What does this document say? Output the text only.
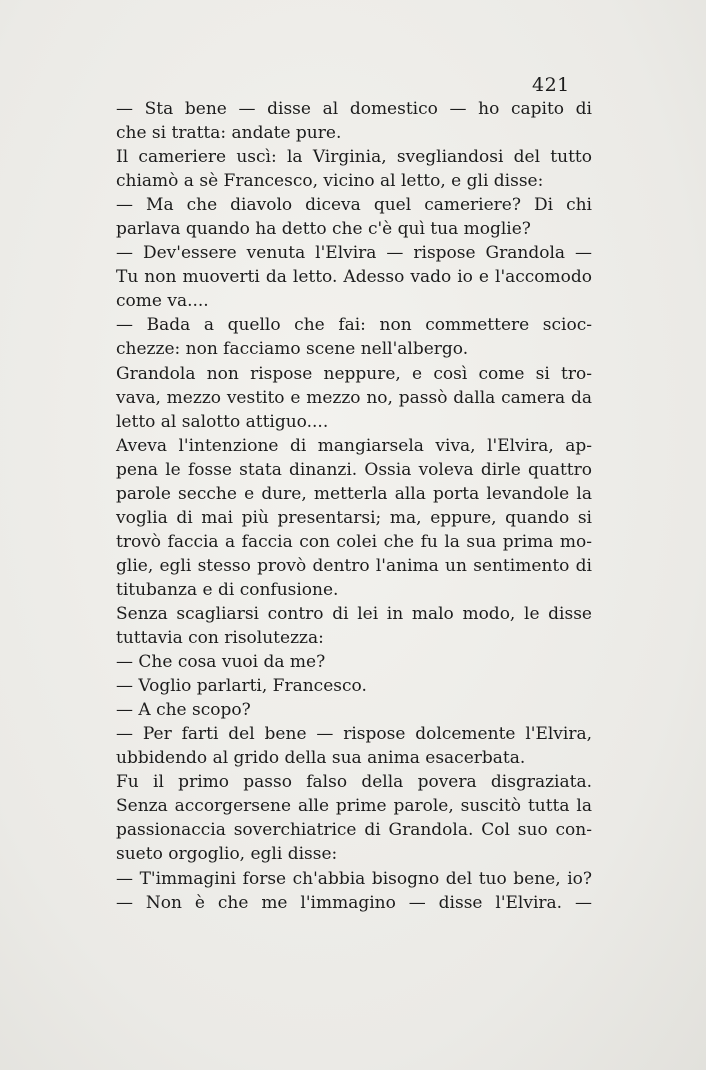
421
— Sta bene — disse al domestico — ho capito di
che si tratta: andate pure.
Il cameriere uscì: la Virginia, svegliandosi del tutto
chiamò a sè Francesco, vicino al letto, e gli disse:
— Ma che diavolo diceva quel cameriere? Di chi
parlava quando ha detto che c'è quì tua moglie?
— Dev'essere venuta l'Elvira — rispose Grandola —
Tu non muoverti da letto. Adesso vado io e l'accomodo
come va....
— Bada a quello che fai: non commettere scioc-
chezze: non facciamo scene nell'albergo.
Grandola non rispose neppure, e così come si tro-
vava, mezzo vestito e mezzo no, passò dalla camera da
letto al salotto attiguo....
Aveva l'intenzione di mangiarsela viva, l'Elvira, ap-
pena le fosse stata dinanzi. Ossia voleva dirle quattro
parole secche e dure, metterla alla porta levandole la
voglia di mai più presentarsi; ma, eppure, quando si
trovò faccia a faccia con colei che fu la sua prima mo-
glie, egli stesso provò dentro l'anima un sentimento di
titubanza e di confusione.
Senza scagliarsi contro di lei in malo modo, le disse
tuttavia con risolutezza:
— Che cosa vuoi da me?
— Voglio parlarti, Francesco.
— A che scopo?
— Per farti del bene — rispose dolcemente l'Elvira,
ubbidendo al grido della sua anima esacerbata.
Fu il primo passo falso della povera disgraziata.
Senza accorgersene alle prime parole, suscitò tutta la
passionaccia soverchiatrice di Grandola. Col suo con-
sueto orgoglio, egli disse:
— T'immagini forse ch'abbia bisogno del tuo bene, io?
— Non è che me l'immagino — disse l'Elvira. —
